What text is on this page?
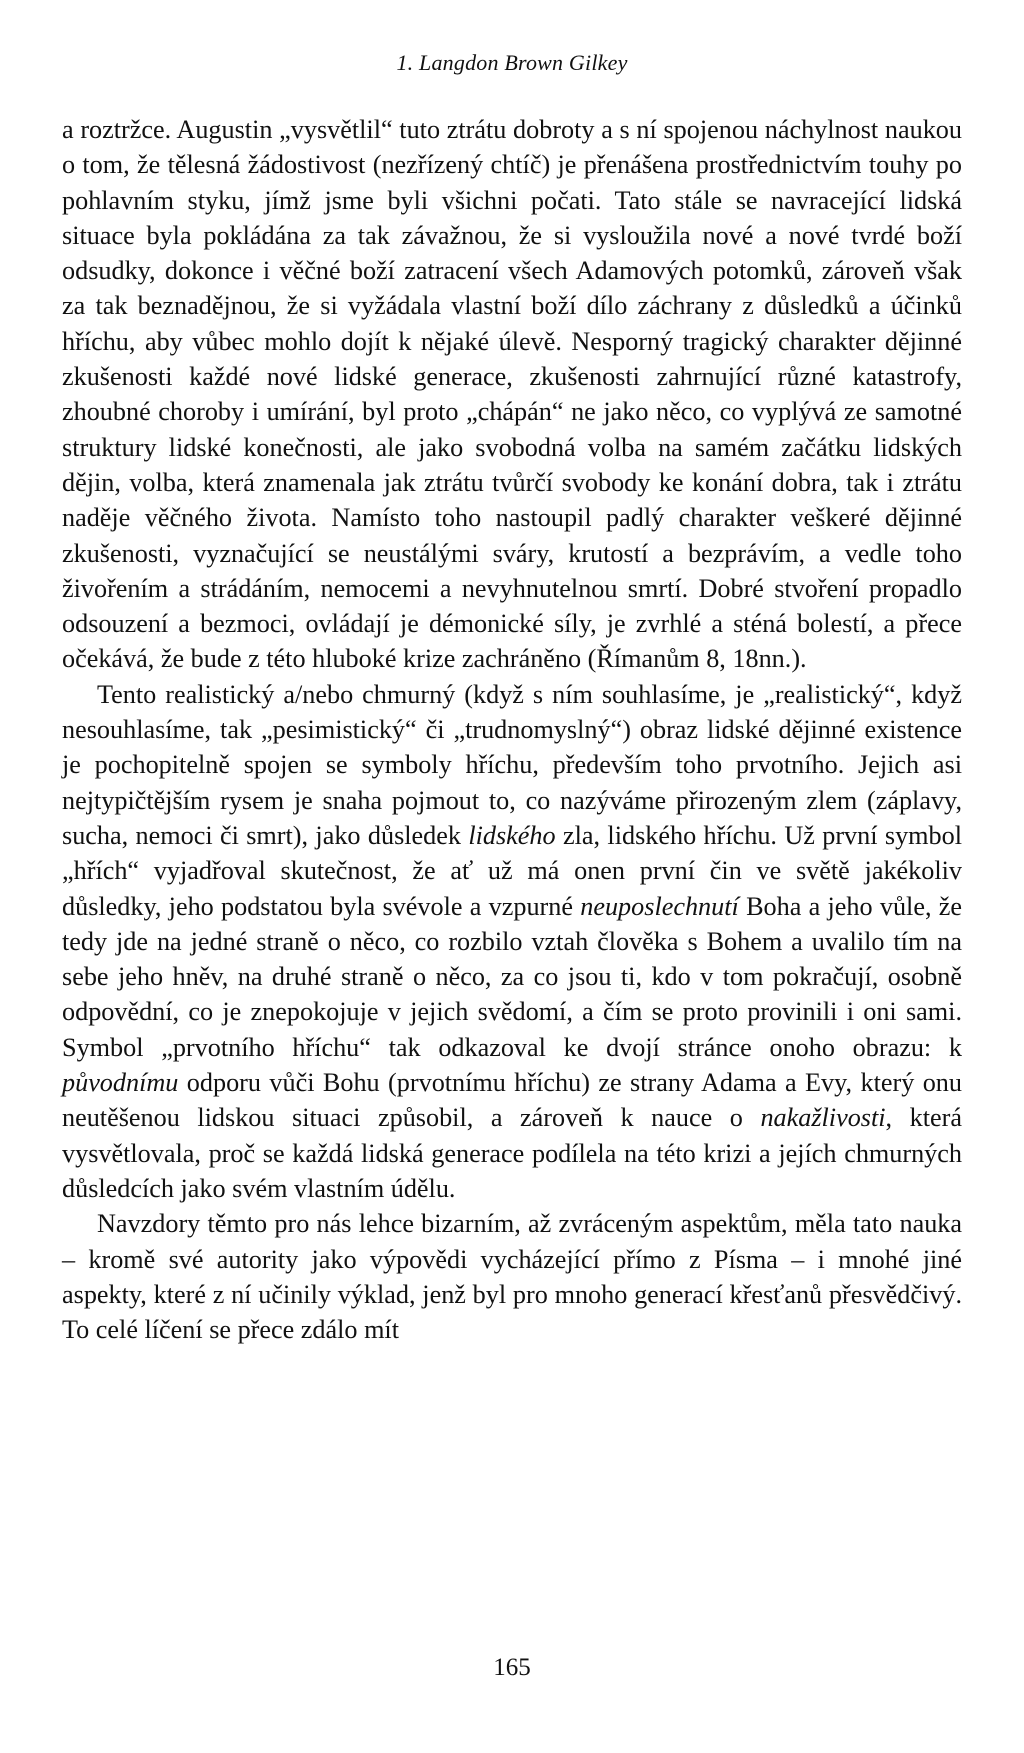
1. Langdon Brown Gilkey

a roztržce. Augustin „vysvětlil“ tuto ztrátu dobroty a s ní spojenou náchylnost naukou o tom, že tělesná žádostivost (nezřízený chtíč) je přenášena prostřednictvím touhy po pohlavním styku, jímž jsme byli všichni počati. Tato stále se navracející lidská situace byla pokládána za tak závažnou, že si vysloužila nové a nové tvrdé boží odsudky, dokonce i věčné boží zatracení všech Adamových potomků, zároveň však za tak beznadějnou, že si vyžádala vlastní boží dílo záchrany z důsledků a účinků hříchu, aby vůbec mohlo dojít k nějaké úlevě. Nesporný tragický charakter dějinné zkušenosti každé nové lidské generace, zkušenosti zahrnující různé katastrofy, zhoubné choroby i umírání, byl proto „chápán“ ne jako něco, co vyplývá ze samotné struktury lidské konečnosti, ale jako svobodná volba na samém začátku lidských dějin, volba, která znamenala jak ztrátu tvůrčí svobody ke konání dobra, tak i ztrátu naděje věčného života. Namísto toho nastoupil padlý charakter veškeré dějinné zkušenosti, vyznačující se neustálými sváry, krutostí a bezprávím, a vedle toho živořením a strádáním, nemocemi a nevyhnutelnou smrtí. Dobré stvoření propadlo odsouzení a bezmoci, ovládají je démonické síly, je zvrhlé a sténá bolestí, a přece očekává, že bude z této hluboké krize zachráněno (Římanům 8, 18nn.).

Tento realistický a/nebo chmurný (když s ním souhlasíme, je „realistický“, když nesouhlasíme, tak „pesimistický“ či „trudnomyslný“) obraz lidské dějinné existence je pochopitelně spojen se symboly hříchu, především toho prvotního. Jejich asi nejtypičtějším rysem je snaha pojmout to, co nazýváme přirozeným zlem (záplavy, sucha, nemoci či smrt), jako důsledek lidského zla, lidského hříchu. Už první symbol „hřích“ vyjadřoval skutečnost, že ať už má onen první čin ve světě jakékoliv důsledky, jeho podstatou byla svévole a vzpurné neuposlechnutí Boha a jeho vůle, že tedy jde na jedné straně o něco, co rozbilo vztah člověka s Bohem a uvalilo tím na sebe jeho hněv, na druhé straně o něco, za co jsou ti, kdo v tom pokračují, osobně odpovědní, co je znepokojuje v jejich svědomí, a čím se proto provinili i oni sami. Symbol „prvotního hříchu“ tak odkazoval ke dvojí stránce onoho obrazu: k původnímu odporu vůči Bohu (prvotnímu hříchu) ze strany Adama a Evy, který onu neutěšenou lidskou situaci způsobil, a zároveň k nauce o nakažlivosti, která vysvětlovala, proč se každá lidská generace podílela na této krizi a jejích chmurných důsledcích jako svém vlastním údělu.

Navzdory těmto pro nás lehce bizarním, až zvráceným aspektům, měla tato nauka – kromě své autority jako výpovědi vycházející přímo z Písma – i mnohé jiné aspekty, které z ní učinily výklad, jenž byl pro mnoho generací křesťanů přesvědčivý. To celé líčení se přece zdálo mít

165
